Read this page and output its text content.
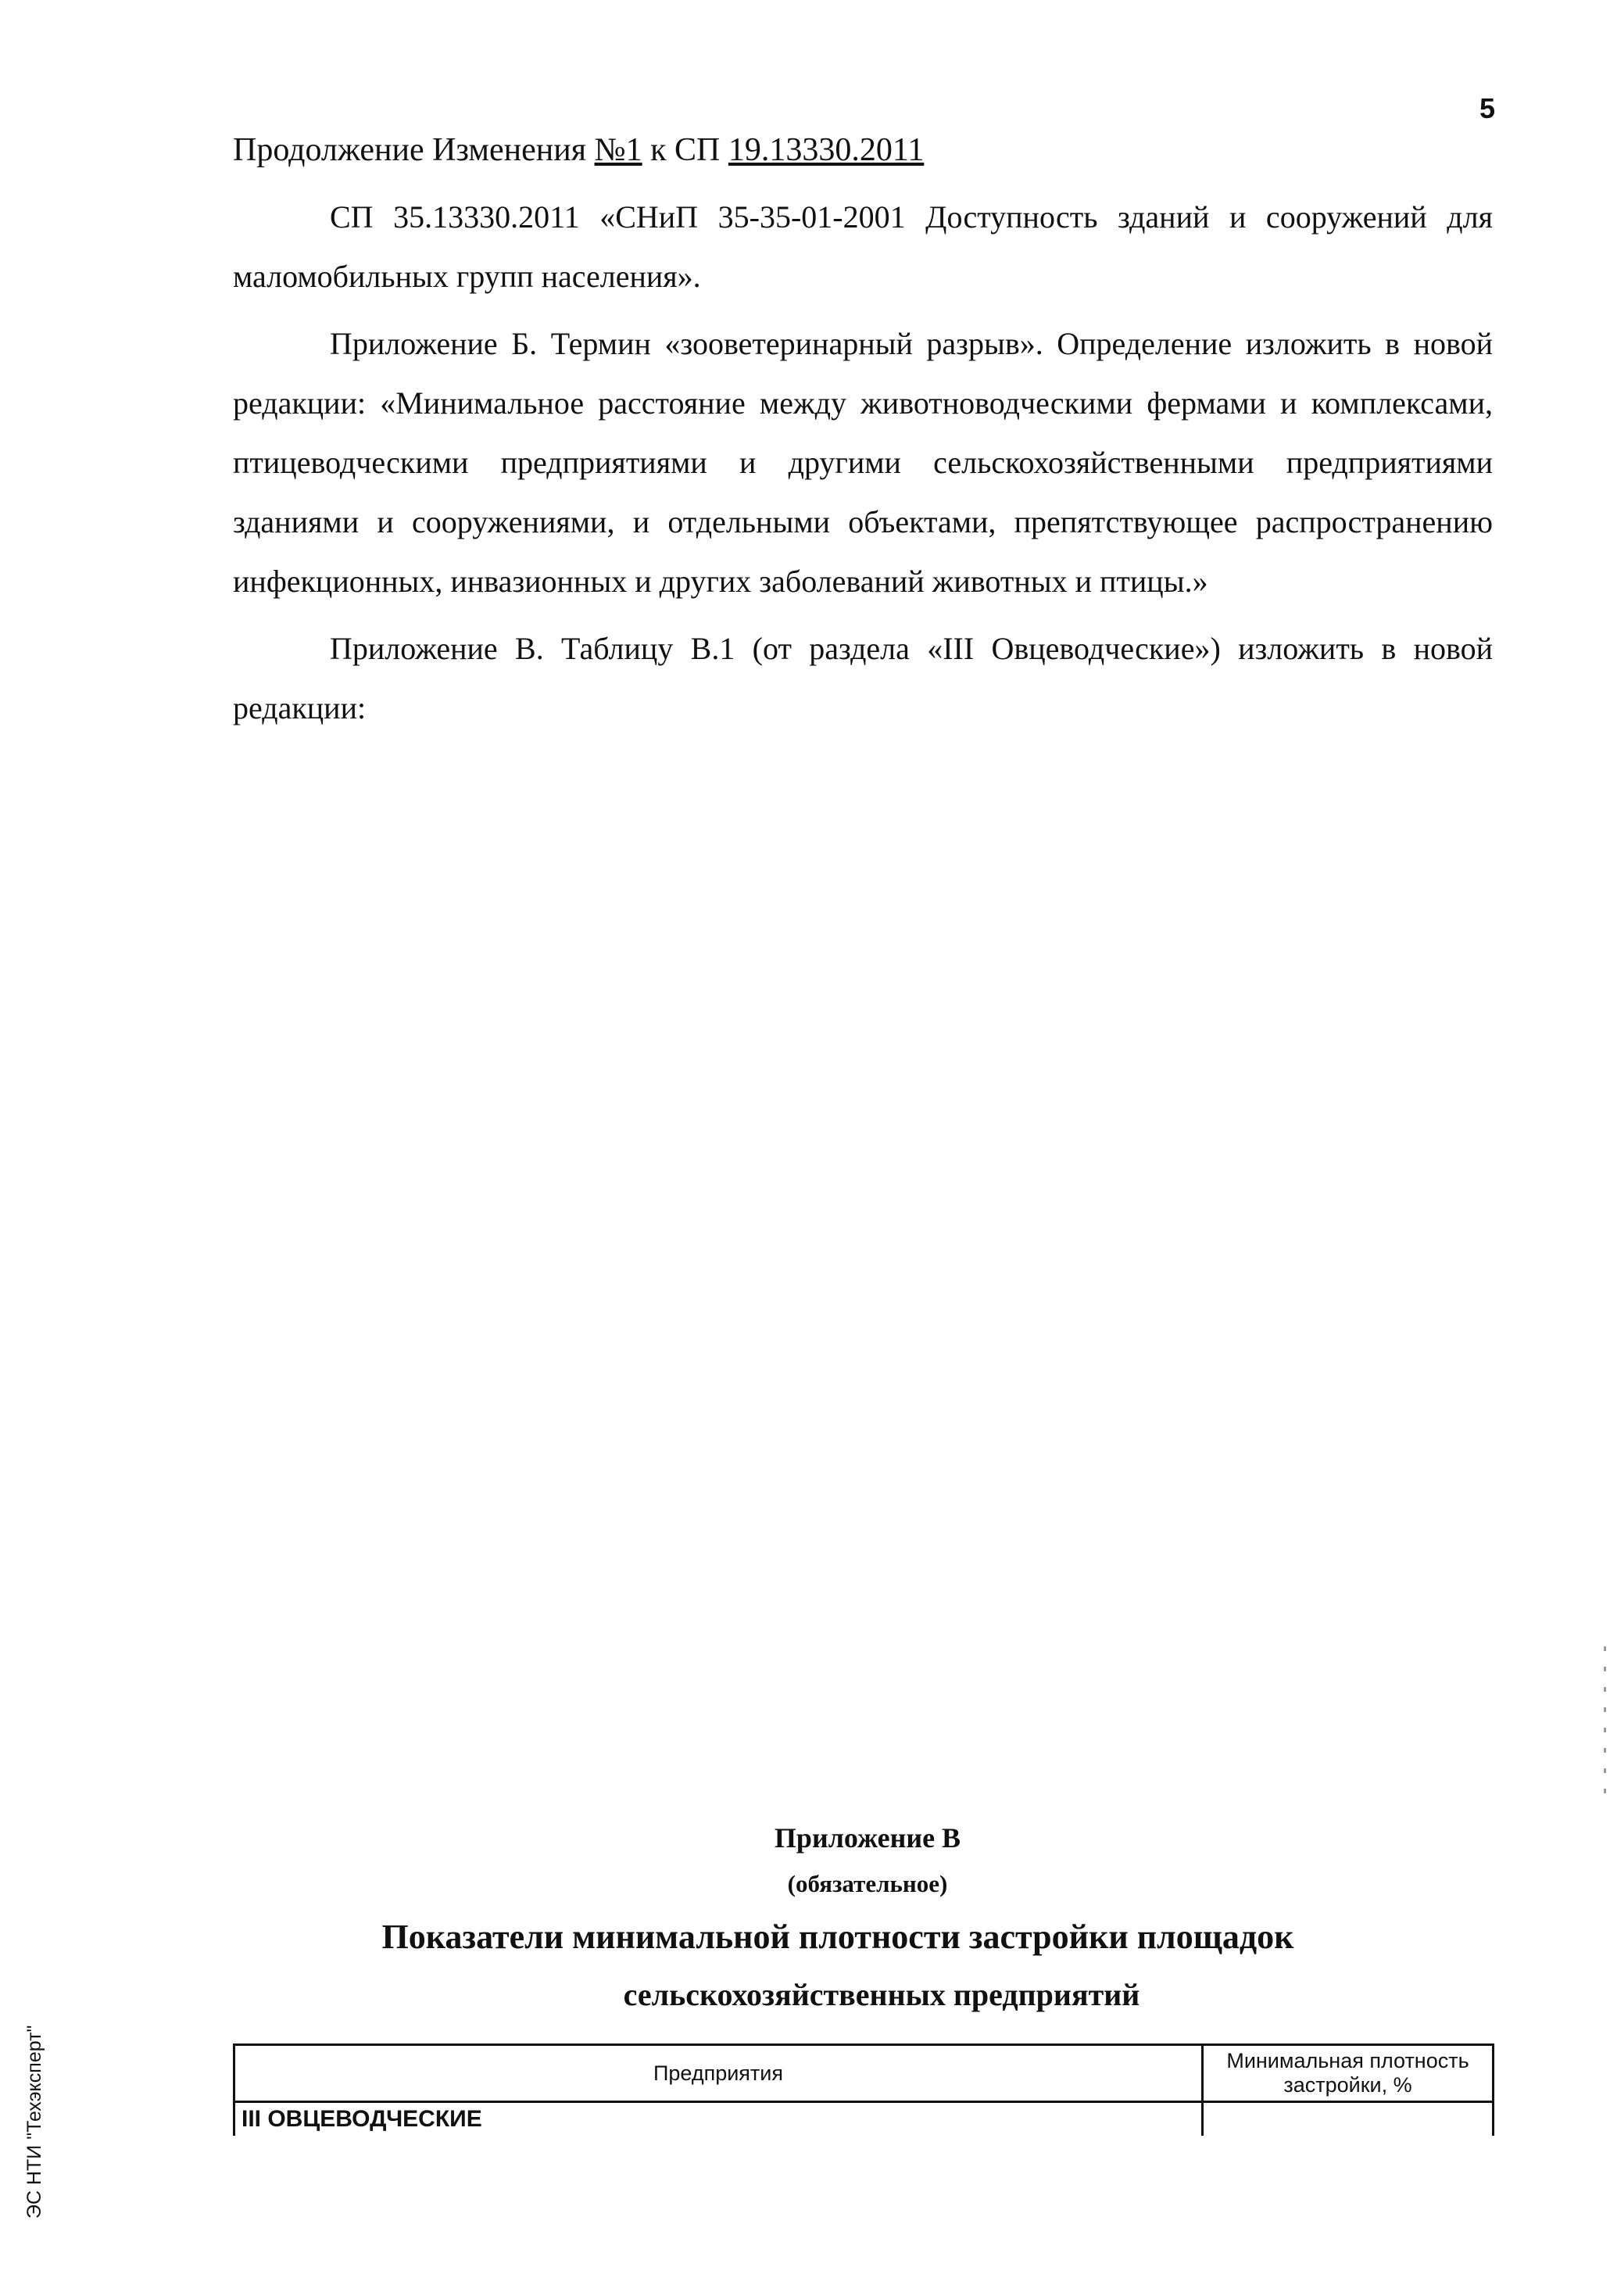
5
Продолжение Изменения №1 к СП 19.13330.2011

СП 35.13330.2011 «СНиП 35-35-01-2001 Доступность зданий и сооружений для маломобильных групп населения».

Приложение Б. Термин «зооветеринарный разрыв». Определение изложить в новой редакции: «Минимальное расстояние между животноводческими фермами и комплексами, птицеводческими предприятиями и другими сельскохозяйственными предприятиями зданиями и сооружениями, и отдельными объектами, препятствующее распространению инфекционных, инвазионных и других заболеваний животных и птицы.»

Приложение В. Таблицу В.1 (от раздела «III Овцеводческие») изложить в новой редакции:

Приложение В
(обязательное)
Показатели минимальной плотности застройки площадок
сельскохозяйственных предприятий
Предприятия	Минимальная плотность застройки, %
III ОВЦЕВОДЧЕСКИЕ	
ЭС НТИ "Техэксперт"
